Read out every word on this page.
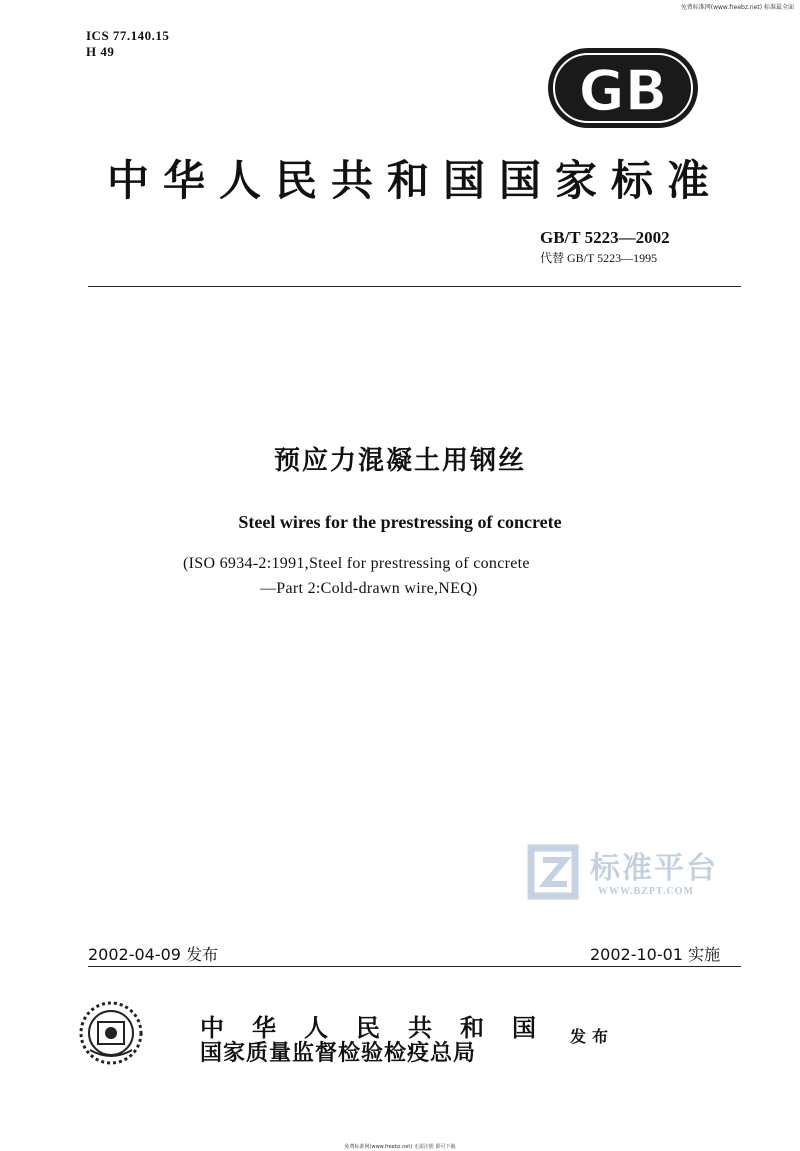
免费标准网(www.freebz.net) 标准最全面
ICS 77.140.15
H 49
GB
中华人民共和国国家标准
GB/T 5223—2002
代替 GB/T 5223—1995
预应力混凝土用钢丝
Steel wires for the prestressing of concrete
(ISO 6934-2:1991,Steel for prestressing of concrete
—Part 2:Cold-drawn wire,NEQ)
标准平台
WWW.BZPT.COM
2002-04-09 发布	2002-10-01 实施
中华人民共和国
国家质量监督检验检疫总局
发布
免费标准网(www.freebz.net) 无需注册 即可下载
